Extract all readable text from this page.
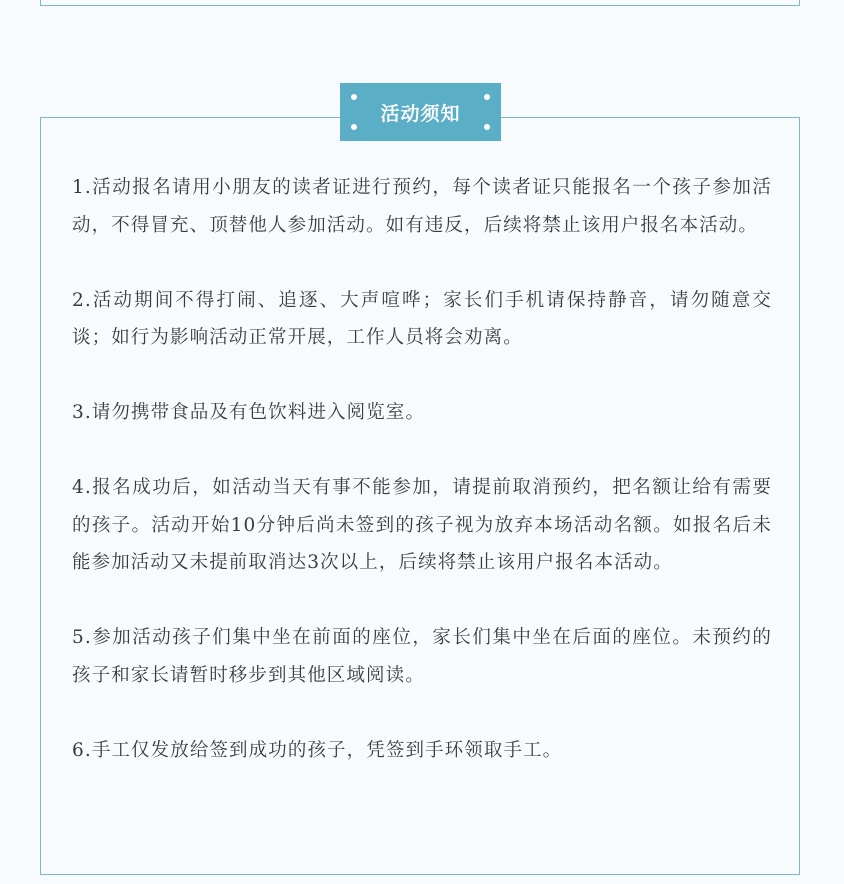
活动须知

1.活动报名请用小朋友的读者证进行预约，每个读者证只能报名一个孩子参加活动，不得冒充、顶替他人参加活动。如有违反，后续将禁止该用户报名本活动。

2.活动期间不得打闹、追逐、大声喧哗；家长们手机请保持静音，请勿随意交谈；如行为影响活动正常开展，工作人员将会劝离。

3.请勿携带食品及有色饮料进入阅览室。

4.报名成功后，如活动当天有事不能参加，请提前取消预约，把名额让给有需要的孩子。活动开始10分钟后尚未签到的孩子视为放弃本场活动名额。如报名后未能参加活动又未提前取消达3次以上，后续将禁止该用户报名本活动。

5.参加活动孩子们集中坐在前面的座位，家长们集中坐在后面的座位。未预约的孩子和家长请暂时移步到其他区域阅读。

6.手工仅发放给签到成功的孩子，凭签到手环领取手工。
